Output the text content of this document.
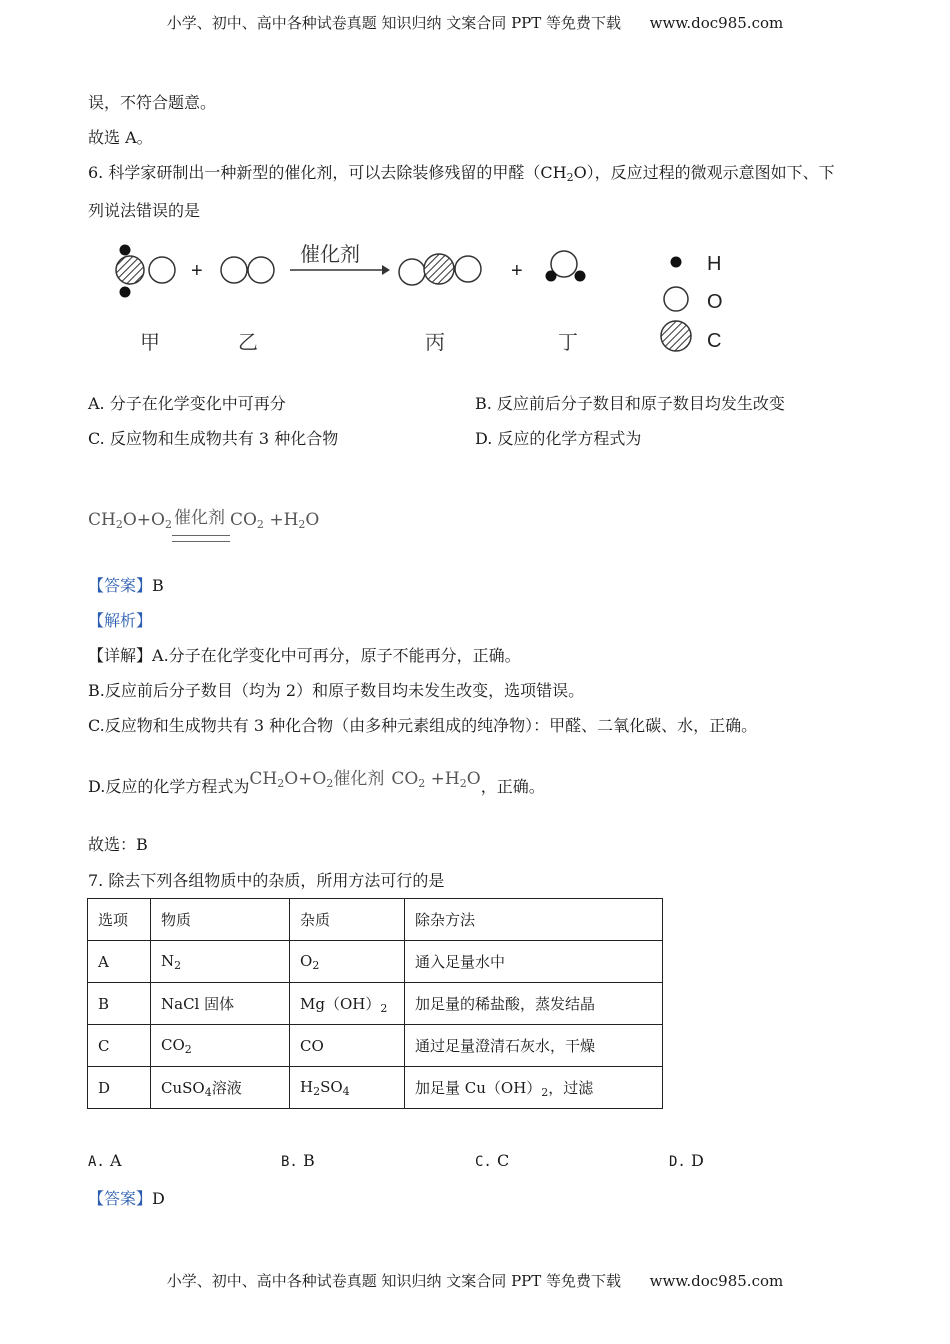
小学、初中、高中各种试卷真题 知识归纳 文案合同 PPT 等免费下载 www.doc985.com
误，不符合题意。
故选 A。
6. 科学家研制出一种新型的催化剂，可以去除装修残留的甲醛$(CH_2O)$，反应过程的微观示意图如下、下
列说法错误的是
+
催化剂
+
甲	乙	丙	丁
H
O
C
A. 分子在化学变化中可再分	B. 反应前后分子数目和原子数目均发生改变
C. 反应物和生成物共有 3 种化合物	D. 反应的化学方程式为
$CH_2O+O_2$ 催化剂 $CO_2 +H_2O$
【答案】B
【解析】
【详解】A.分子在化学变化中可再分，原子不能再分，正确。
B.反应前后分子数目（均为 2）和原子数目均未发生改变，选项错误。
C.反应物和生成物共有 3 种化合物（由多种元素组成的纯净物）：甲醛、二氧化碳、水，正确。
D.反应的化学方程式为$CH_2O+O_2$催化剂 $CO_2 +H_2O$，正确。
故选：B
7. 除去下列各组物质中的杂质，所用方法可行的是
选项	物质	杂质	除杂方法
A	$N_2$	$O_2$	通入足量水中
B	NaCl 固体	$Mg(OH)_2$	加足量的稀盐酸，蒸发结晶
C	$CO_2$	CO	通过足量澄清石灰水，干燥
D	CuSO$_4$溶液	$H_2SO_4$	加足量 $Cu(OH)_2$，过滤
A. A	B. B	C. C	D. D
【答案】D
小学、初中、高中各种试卷真题 知识归纳 文案合同 PPT 等免费下载 www.doc985.com
